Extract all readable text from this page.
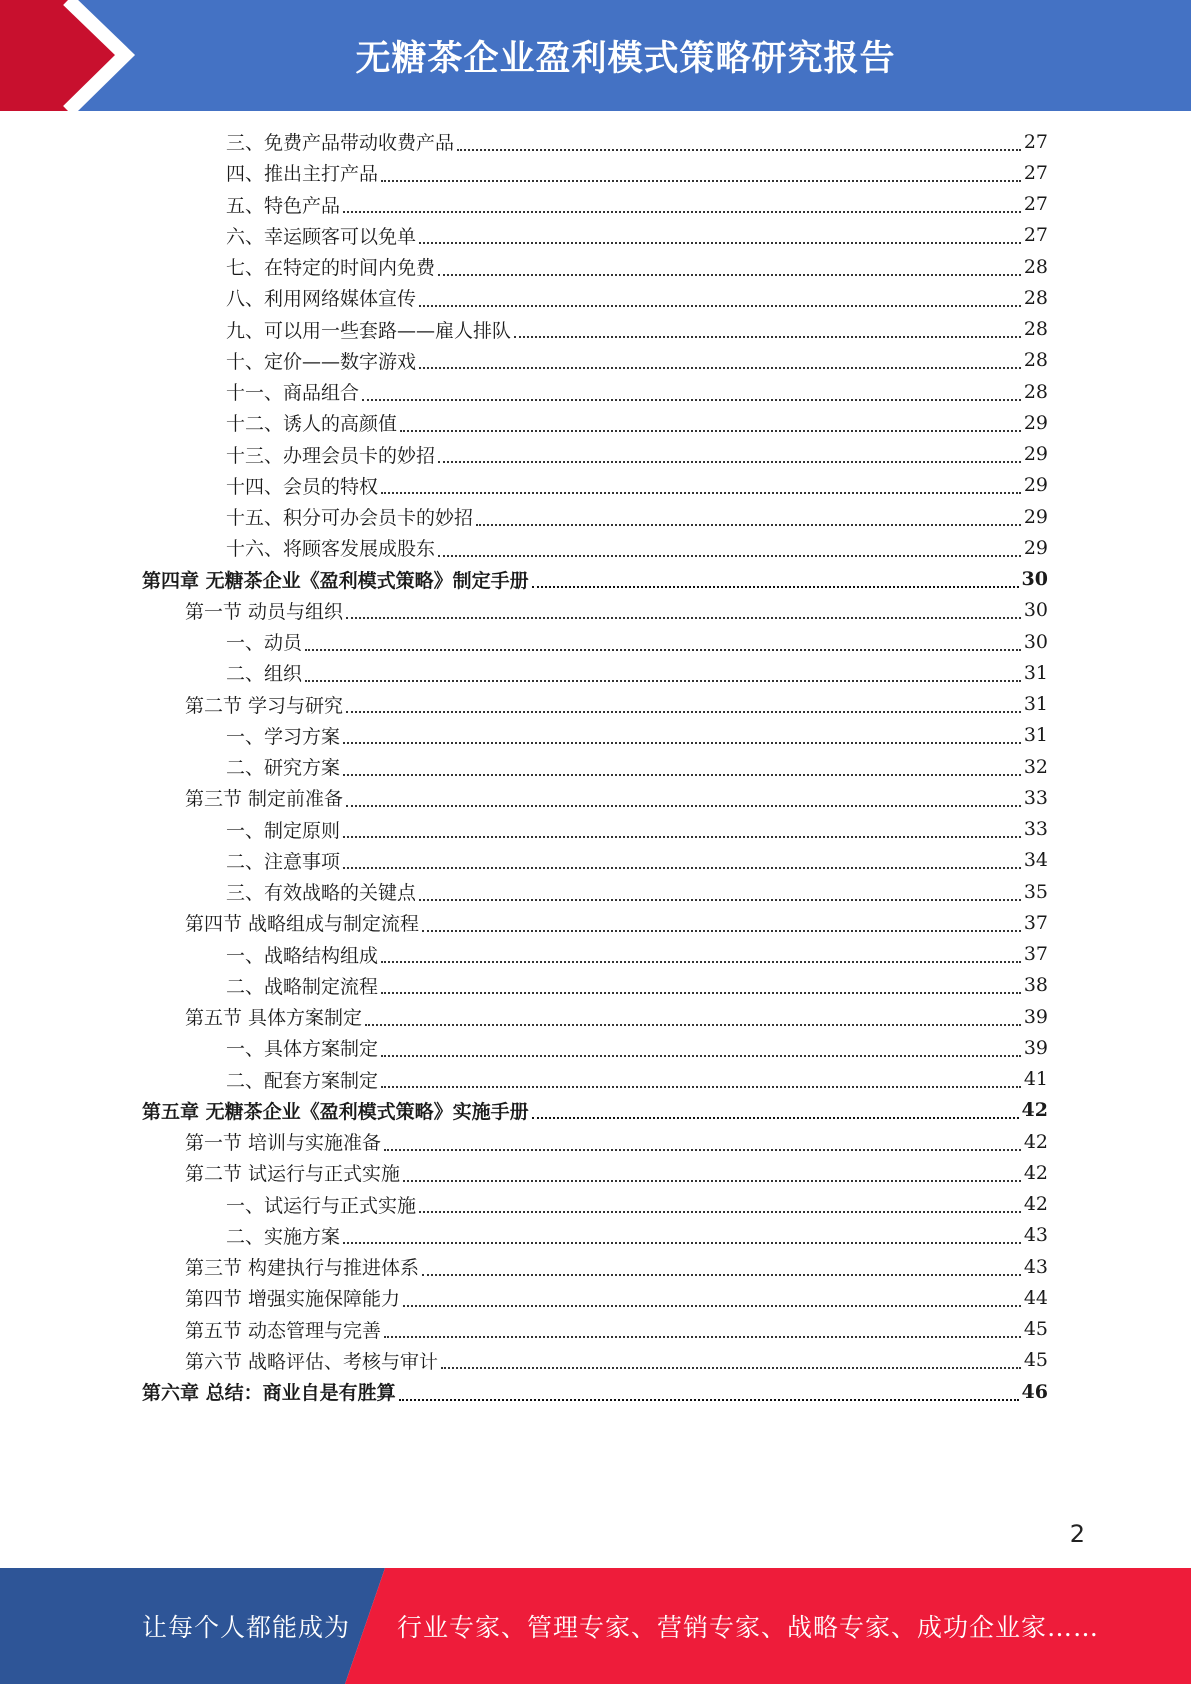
无糖茶企业盈利模式策略研究报告
三、免费产品带动收费产品	27
四、推出主打产品	27
五、特色产品	27
六、幸运顾客可以免单	27
七、在特定的时间内免费	28
八、利用网络媒体宣传	28
九、可以用一些套路——雇人排队	28
十、定价——数字游戏	28
十一、商品组合	28
十二、诱人的高颜值	29
十三、办理会员卡的妙招	29
十四、会员的特权	29
十五、积分可办会员卡的妙招	29
十六、将顾客发展成股东	29
第四章 无糖茶企业《盈利模式策略》制定手册	30
第一节 动员与组织	30
一、动员	30
二、组织	31
第二节 学习与研究	31
一、学习方案	31
二、研究方案	32
第三节 制定前准备	33
一、制定原则	33
二、注意事项	34
三、有效战略的关键点	35
第四节 战略组成与制定流程	37
一、战略结构组成	37
二、战略制定流程	38
第五节 具体方案制定	39
一、具体方案制定	39
二、配套方案制定	41
第五章 无糖茶企业《盈利模式策略》实施手册	42
第一节 培训与实施准备	42
第二节 试运行与正式实施	42
一、试运行与正式实施	42
二、实施方案	43
第三节 构建执行与推进体系	43
第四节 增强实施保障能力	44
第五节 动态管理与完善	45
第六节 战略评估、考核与审计	45
第六章 总结：商业自是有胜算	46
2
让每个人都能成为 行业专家、管理专家、营销专家、战略专家、成功企业家……
